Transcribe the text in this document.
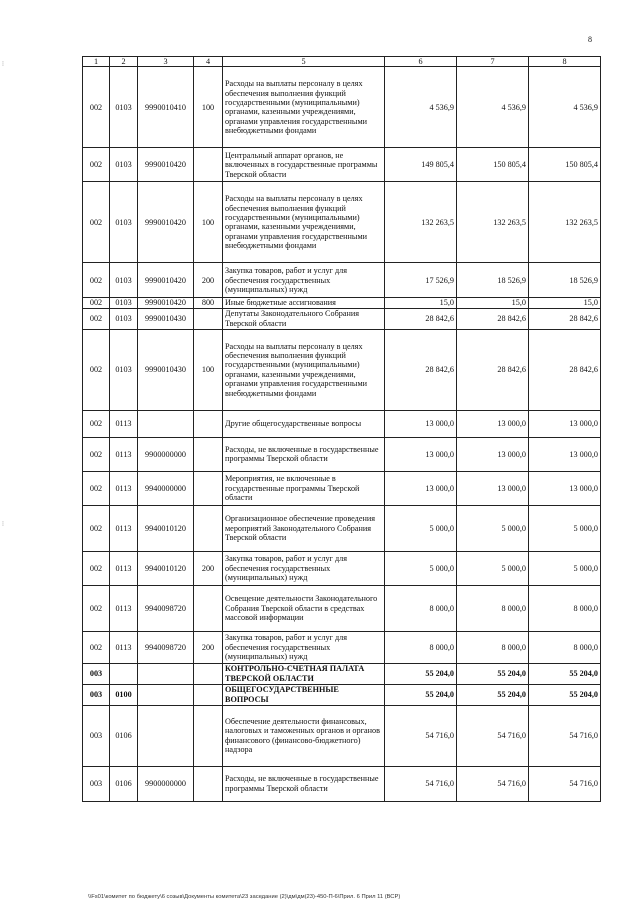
8
⁞
⁞
1	2	3	4	5	6	7	8
002	0103	9990010410	100	Расходы на выплаты персоналу в целях обеспечения выполнения функций государственными (муниципальными) органами, казенными учреждениями, органами управления государственными внебюджетными фондами	4 536,9	4 536,9	4 536,9
002	0103	9990010420		Центральный аппарат органов, не включенных в государственные программы Тверской области	149 805,4	150 805,4	150 805,4
002	0103	9990010420	100	Расходы на выплаты персоналу в целях обеспечения выполнения функций государственными (муниципальными) органами, казенными учреждениями, органами управления государственными внебюджетными фондами	132 263,5	132 263,5	132 263,5
002	0103	9990010420	200	Закупка товаров, работ и услуг для обеспечения государственных (муниципальных) нужд	17 526,9	18 526,9	18 526,9
002	0103	9990010420	800	Иные бюджетные ассигнования	15,0	15,0	15,0
002	0103	9990010430		Депутаты Законодательного Собрания Тверской области	28 842,6	28 842,6	28 842,6
002	0103	9990010430	100	Расходы на выплаты персоналу в целях обеспечения выполнения функций государственными (муниципальными) органами, казенными учреждениями, органами управления государственными внебюджетными фондами	28 842,6	28 842,6	28 842,6
002	0113			Другие общегосударственные вопросы	13 000,0	13 000,0	13 000,0
002	0113	9900000000		Расходы, не включенные в государственные программы Тверской области	13 000,0	13 000,0	13 000,0
002	0113	9940000000		Мероприятия, не включенные в государственные программы Тверской области	13 000,0	13 000,0	13 000,0
002	0113	9940010120		Организационное обеспечение проведения мероприятий Законодательного Собрания Тверской области	5 000,0	5 000,0	5 000,0
002	0113	9940010120	200	Закупка товаров, работ и услуг для обеспечения государственных (муниципальных) нужд	5 000,0	5 000,0	5 000,0
002	0113	9940098720		Освещение деятельности Законодательного Собрания Тверской области в средствах массовой информации	8 000,0	8 000,0	8 000,0
002	0113	9940098720	200	Закупка товаров, работ и услуг для обеспечения государственных (муниципальных) нужд	8 000,0	8 000,0	8 000,0
003				КОНТРОЛЬНО-СЧЕТНАЯ ПАЛАТА ТВЕРСКОЙ ОБЛАСТИ	55 204,0	55 204,0	55 204,0
003	0100			ОБЩЕГОСУДАРСТВЕННЫЕ ВОПРОСЫ	55 204,0	55 204,0	55 204,0
003	0106			Обеспечение деятельности финансовых, налоговых и таможенных органов и органов финансового (финансово-бюджетного) надзора	54 716,0	54 716,0	54 716,0
003	0106	9900000000		Расходы, не включенные в государственные программы Тверской области	54 716,0	54 716,0	54 716,0
\\Fs01\комитет по бюджету\6 созыв\Документы комитета\23 заседание (2)\дм\дм(23)-450-П-6\Прил. 6 Прил 11 (ВСР)
